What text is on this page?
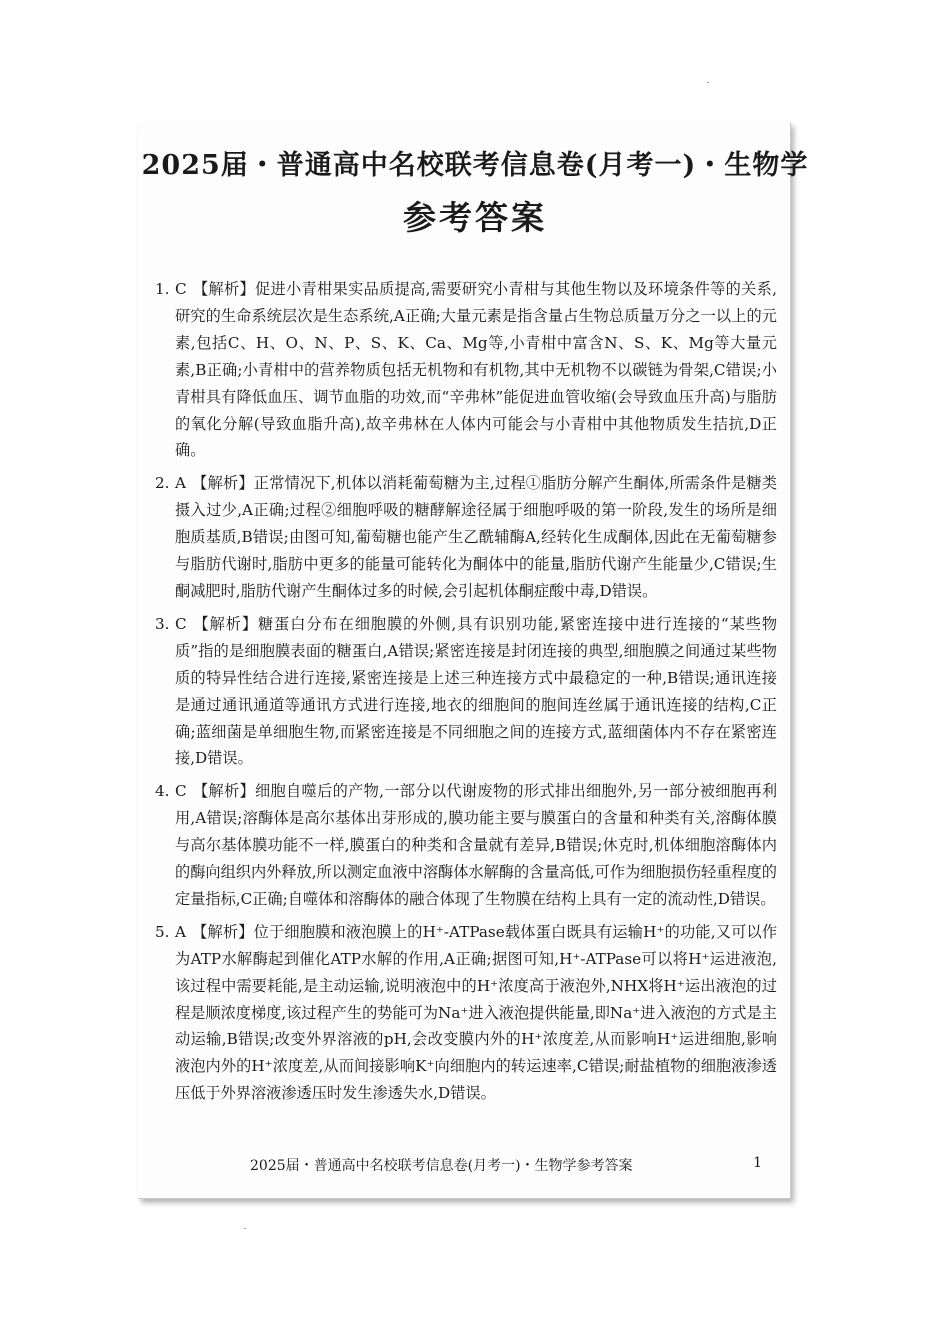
2025届・普通高中名校联考信息卷(月考一)・生物学
参考答案
1. C 【解析】促进小青柑果实品质提高,需要研究小青柑与其他生物以及环境条件等的关系,研究的生命系统层次是生态系统,A正确;大量元素是指含量占生物总质量万分之一以上的元素,包括C、H、O、N、P、S、K、Ca、Mg等,小青柑中富含N、S、K、Mg等大量元素,B正确;小青柑中的营养物质包括无机物和有机物,其中无机物不以碳链为骨架,C错误;小青柑具有降低血压、调节血脂的功效,而“辛弗林”能促进血管收缩(会导致血压升高)与脂肪的氧化分解(导致血脂升高),故辛弗林在人体内可能会与小青柑中其他物质发生拮抗,D正确。
2. A 【解析】正常情况下,机体以消耗葡萄糖为主,过程①脂肪分解产生酮体,所需条件是糖类摄入过少,A正确;过程②细胞呼吸的糖酵解途径属于细胞呼吸的第一阶段,发生的场所是细胞质基质,B错误;由图可知,葡萄糖也能产生乙酰辅酶A,经转化生成酮体,因此在无葡萄糖参与脂肪代谢时,脂肪中更多的能量可能转化为酮体中的能量,脂肪代谢产生能量少,C错误;生酮减肥时,脂肪代谢产生酮体过多的时候,会引起机体酮症酸中毒,D错误。
3. C 【解析】糖蛋白分布在细胞膜的外侧,具有识别功能,紧密连接中进行连接的“某些物质”指的是细胞膜表面的糖蛋白,A错误;紧密连接是封闭连接的典型,细胞膜之间通过某些物质的特异性结合进行连接,紧密连接是上述三种连接方式中最稳定的一种,B错误;通讯连接是通过通讯通道等通讯方式进行连接,地衣的细胞间的胞间连丝属于通讯连接的结构,C正确;蓝细菌是单细胞生物,而紧密连接是不同细胞之间的连接方式,蓝细菌体内不存在紧密连接,D错误。
4. C 【解析】细胞自噬后的产物,一部分以代谢废物的形式排出细胞外,另一部分被细胞再利用,A错误;溶酶体是高尔基体出芽形成的,膜功能主要与膜蛋白的含量和种类有关,溶酶体膜与高尔基体膜功能不一样,膜蛋白的种类和含量就有差异,B错误;休克时,机体细胞溶酶体内的酶向组织内外释放,所以测定血液中溶酶体水解酶的含量高低,可作为细胞损伤轻重程度的定量指标,C正确;自噬体和溶酶体的融合体现了生物膜在结构上具有一定的流动性,D错误。
5. A 【解析】位于细胞膜和液泡膜上的H⁺-ATPase载体蛋白既具有运输H⁺的功能,又可以作为ATP水解酶起到催化ATP水解的作用,A正确;据图可知,H⁺-ATPase可以将H⁺运进液泡,该过程中需要耗能,是主动运输,说明液泡中的H⁺浓度高于液泡外,NHX将H⁺运出液泡的过程是顺浓度梯度,该过程产生的势能可为Na⁺进入液泡提供能量,即Na⁺进入液泡的方式是主动运输,B错误;改变外界溶液的pH,会改变膜内外的H⁺浓度差,从而影响H⁺运进细胞,影响液泡内外的H⁺浓度差,从而间接影响K⁺向细胞内的转运速率,C错误;耐盐植物的细胞液渗透压低于外界溶液渗透压时发生渗透失水,D错误。
2025届・普通高中名校联考信息卷(月考一)・生物学参考答案	1
